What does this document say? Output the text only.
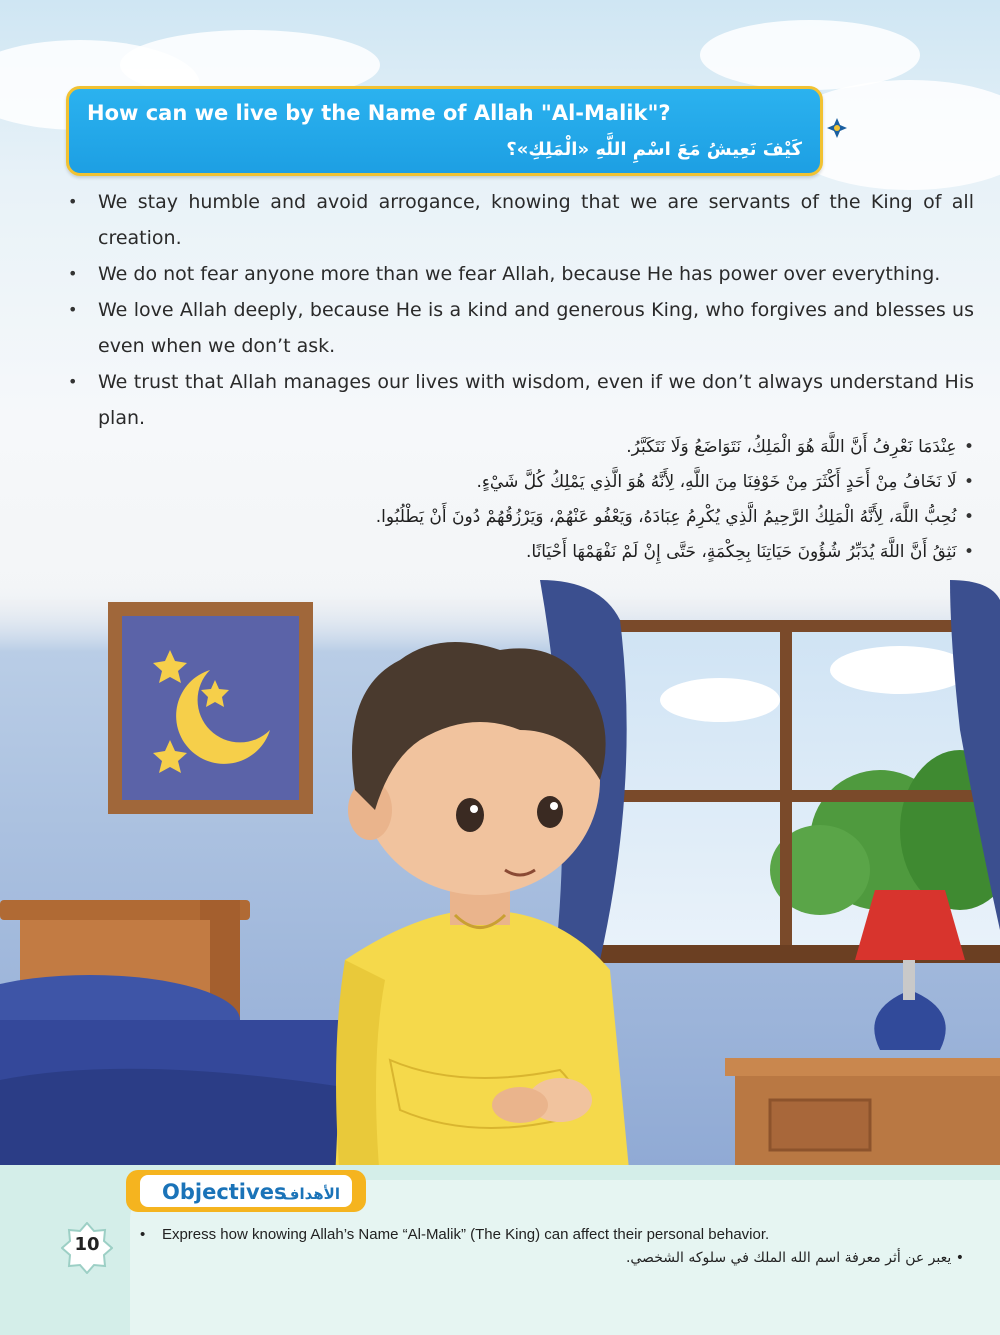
How can we live by the Name of Allah "Al-Malik"?
كَيْفَ نَعِيشُ مَعَ اسْمِ اللَّهِ «الْمَلِكِ»؟
• We stay humble and avoid arrogance, knowing that we are servants of the King of all creation.
• We do not fear anyone more than we fear Allah, because He has power over everything.
• We love Allah deeply, because He is a kind and generous King, who forgives and blesses us even when we don’t ask.
• We trust that Allah manages our lives with wisdom, even if we don’t always understand His plan.
• عِنْدَمَا نَعْرِفُ أَنَّ اللَّهَ هُوَ الْمَلِكُ، نَتَوَاضَعُ وَلَا نَتَكَبَّرُ.
• لَا نَخَافُ مِنْ أَحَدٍ أَكْثَرَ مِنْ خَوْفِنَا مِنَ اللَّهِ، لِأَنَّهُ هُوَ الَّذِي يَمْلِكُ كُلَّ شَيْءٍ.
• نُحِبُّ اللَّهَ، لِأَنَّهُ الْمَلِكُ الرَّحِيمُ الَّذِي يُكْرِمُ عِبَادَهُ، وَيَعْفُو عَنْهُمْ، وَيَرْزُقُهُمْ دُونَ أَنْ يَطْلُبُوا.
• نَثِقُ أَنَّ اللَّهَ يُدَبِّرُ شُؤُونَ حَيَاتِنَا بِحِكْمَةٍ، حَتَّى إِنْ لَمْ نَفْهَمْهَا أَحْيَانًا.
Objectives
الأهداف
10	• Express how knowing Allah’s Name “Al-Malik” (The King) can affect their personal behavior.
• يعبر عن أثر معرفة اسم الله الملك في سلوكه الشخصي.
